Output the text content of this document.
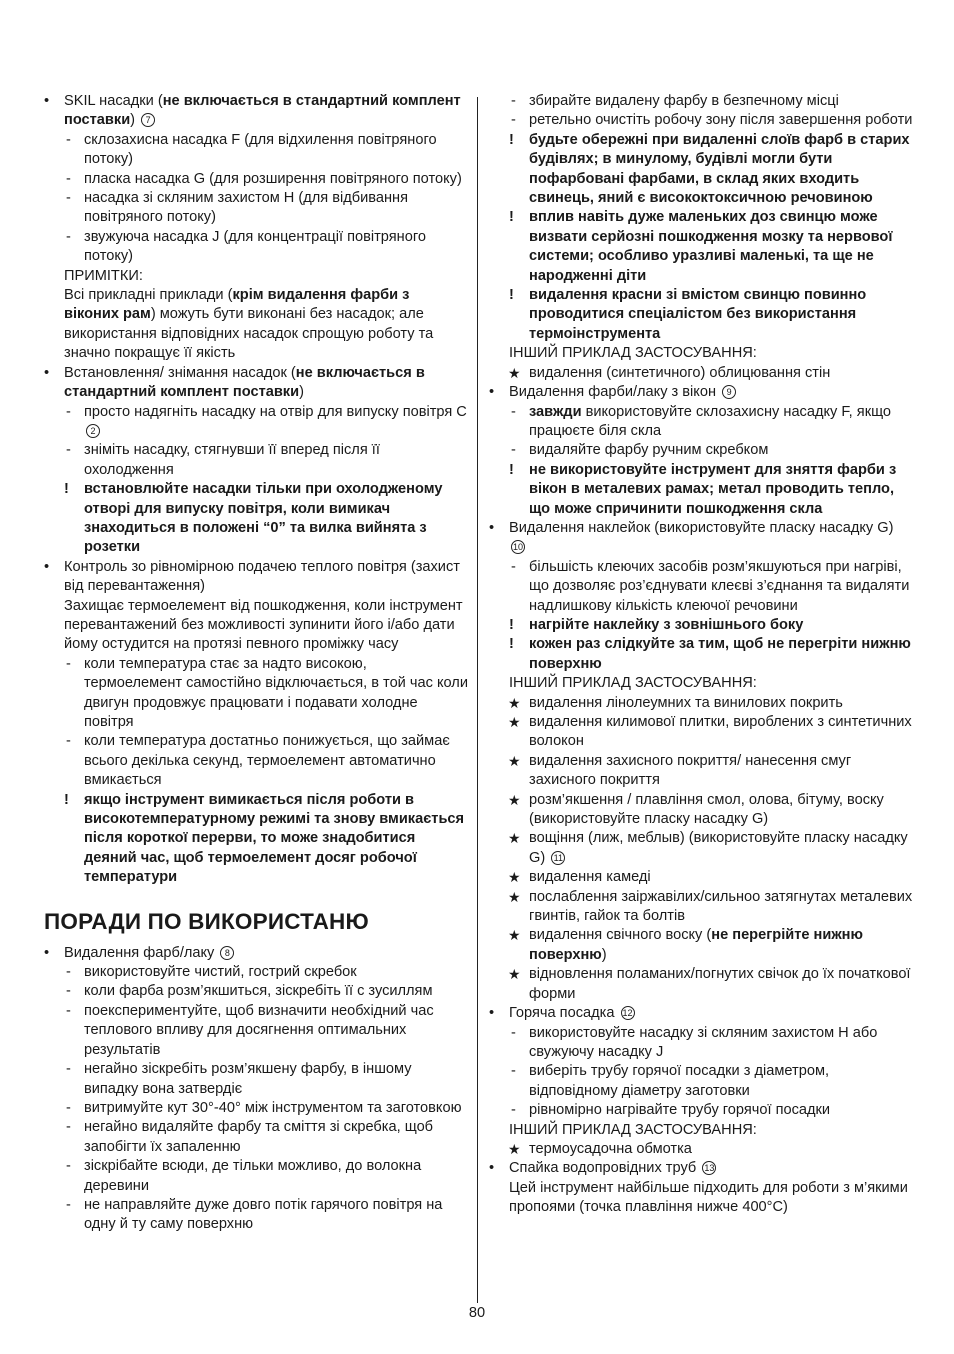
•	SKIL насадки (не включається в стандартний комплент поставки) 7
- склозахисна насадка F (для відхилення повітряного потоку)
- пласка насадка G (для розширення повітряного потоку)
- насадка зі скляним захистом H (для відбивання повітряного потоку)
- звужуюча насадка J (для концентрації повітряного потоку)
ПРИМІТКИ:
Всі прикладні приклади (крім видалення фарби з віконих рам) можуть бути виконані без насадок; але використання відповідних насадок спрощую роботу та значно покращує її якість
•	Встановлення/ знімання насадок (не включається в стандартний комплент поставки)
- просто надягніть насадку на отвір для випуску повітря C 2
- зніміть насадку, стягнувши її вперед після її охолодження
! встановлюйте насадки тільки при охолодженому отворі для випуску повітря, коли вимикач знаходиться в положені “0” та вилка вийнята з розетки
•	Контроль зо рівномірною подачею теплого повітря (захист від перевантаження)
Захищає термоелемент від пошкодження, коли інструмент перевантажений без можливості зупинити його і/або дати йому остудится на протязі певного проміжку часу
- коли температура стає за надто високою, термоелемент самостійно відключається, в той час коли двигун продовжує працювати і подавати холодне повітря
- коли температура достатньо понижується, що займає всього декілька секунд, термоелемент автоматично вмикається
! якщо інструмент вимикається після роботи в високотемпературному режимі та знову вмикається після короткої перерви, то може знадобитися деяний час, щоб термоелемент досяг робочої температури
ПОРАДИ ПО ВИКОРИСТАНЮ
•	Видалення фарб/лаку 8
- використовуйте чистий, гострий скребок
- коли фарба розм’якшиться, зіскребіть її с зусиллям
- поекспериментуйте, щоб визначити необхідний час теплового впливу для досягнення оптимальних результатів
- негайно зіскребіть розм’якшену фарбу, в іншому випадку вона затвердіє
- витримуйте кут 30°-40° між інструментом та заготовкою
- негайно видаляйте фарбу та сміття зі скребка, щоб запобігти їх запаленню
- зіскрібайте всюди, де тільки можливо, до волокна деревини
- не направляйте дуже довго потік гарячого повітря на одну й ту саму поверхню
- збирайте видалену фарбу в безпечному місці
- ретельно очистіть робочу зону після завершення роботи
! будьте обережні при видаленні слоїв фарб в старих будівлях; в минулому, будівлі могли бути пофарбовані фарбами, в склад яких входить свинець, яний є висококтоксичною речовиною
! вплив навіть дуже маленьких доз свинцю може визвати серйозні пошкодження мозку та нервової системи; особливо уразливі маленькі, та ще не народженні діти
! видалення красни зі вмістом свинцю повинно проводитися спеціалістом без використання термоінструмента
ІНШИЙ ПРИКЛАД ЗАСТОСУВАННЯ:
★ видалення (синтетичного) облицювання стін
•	Видалення фарби/лаку з вікон 9
- завжди використовуйте склозахисну насадку F, якщо працюєте біля скла
- видаляйте фарбу ручним скребком
! не використовуйте інструмент для зняття фарби з вікон в металевих рамах; метал проводить тепло, що може спричинити пошкодження скла
•	Видалення наклейок (використовуйте пласку насадку G) 10
- більшість клеючих засобів розм’якшуються при нагріві, що дозволяє роз’єднувати клеєві з’єднання та видаляти надлишкову кількість клеючої речовини
! нагрійте наклейку з зовнішнього боку
! кожен раз слідкуйте за тим, щоб не перегріти нижню поверхню
ІНШИЙ ПРИКЛАД ЗАСТОСУВАННЯ:
★ видалення лінолеумних та винилових покрить
★ видалення килимової плитки, вироблених з синтетичних волокон
★ видалення захисного покриття/ нанесення смуг захисного покриття
★ розм’якшення / плавління смол, олова, бітуму, воску (використовуйте пласку насадку G)
★ вощіння (лиж, меблыв) (використовуйте пласку насадку G) 11
★ видалення камеді
★ послаблення заіржавілих/сильноо затягнутах металевих гвинтів, гайок та болтів
★ видалення свічного воску (не перегрійте нижню поверхню)
★ відновлення поламаних/погнутих свічок до їх початкової форми
•	Горяча посадка 12
- використовуйте насадку зі скляним захистом H або свужуючу насадку J
- виберіть трубу горячої посадки з діаметром, відповідному діаметру заготовки
- рівномірно нагрівайте трубу горячої посадки
ІНШИЙ ПРИКЛАД ЗАСТОСУВАННЯ:
★ термоусадочна обмотка
•	Спайка водопровідних труб 13
Цей інструмент найбільше підходить для роботи з м’якими пропоями (точка плавління нижче 400°C)
80
